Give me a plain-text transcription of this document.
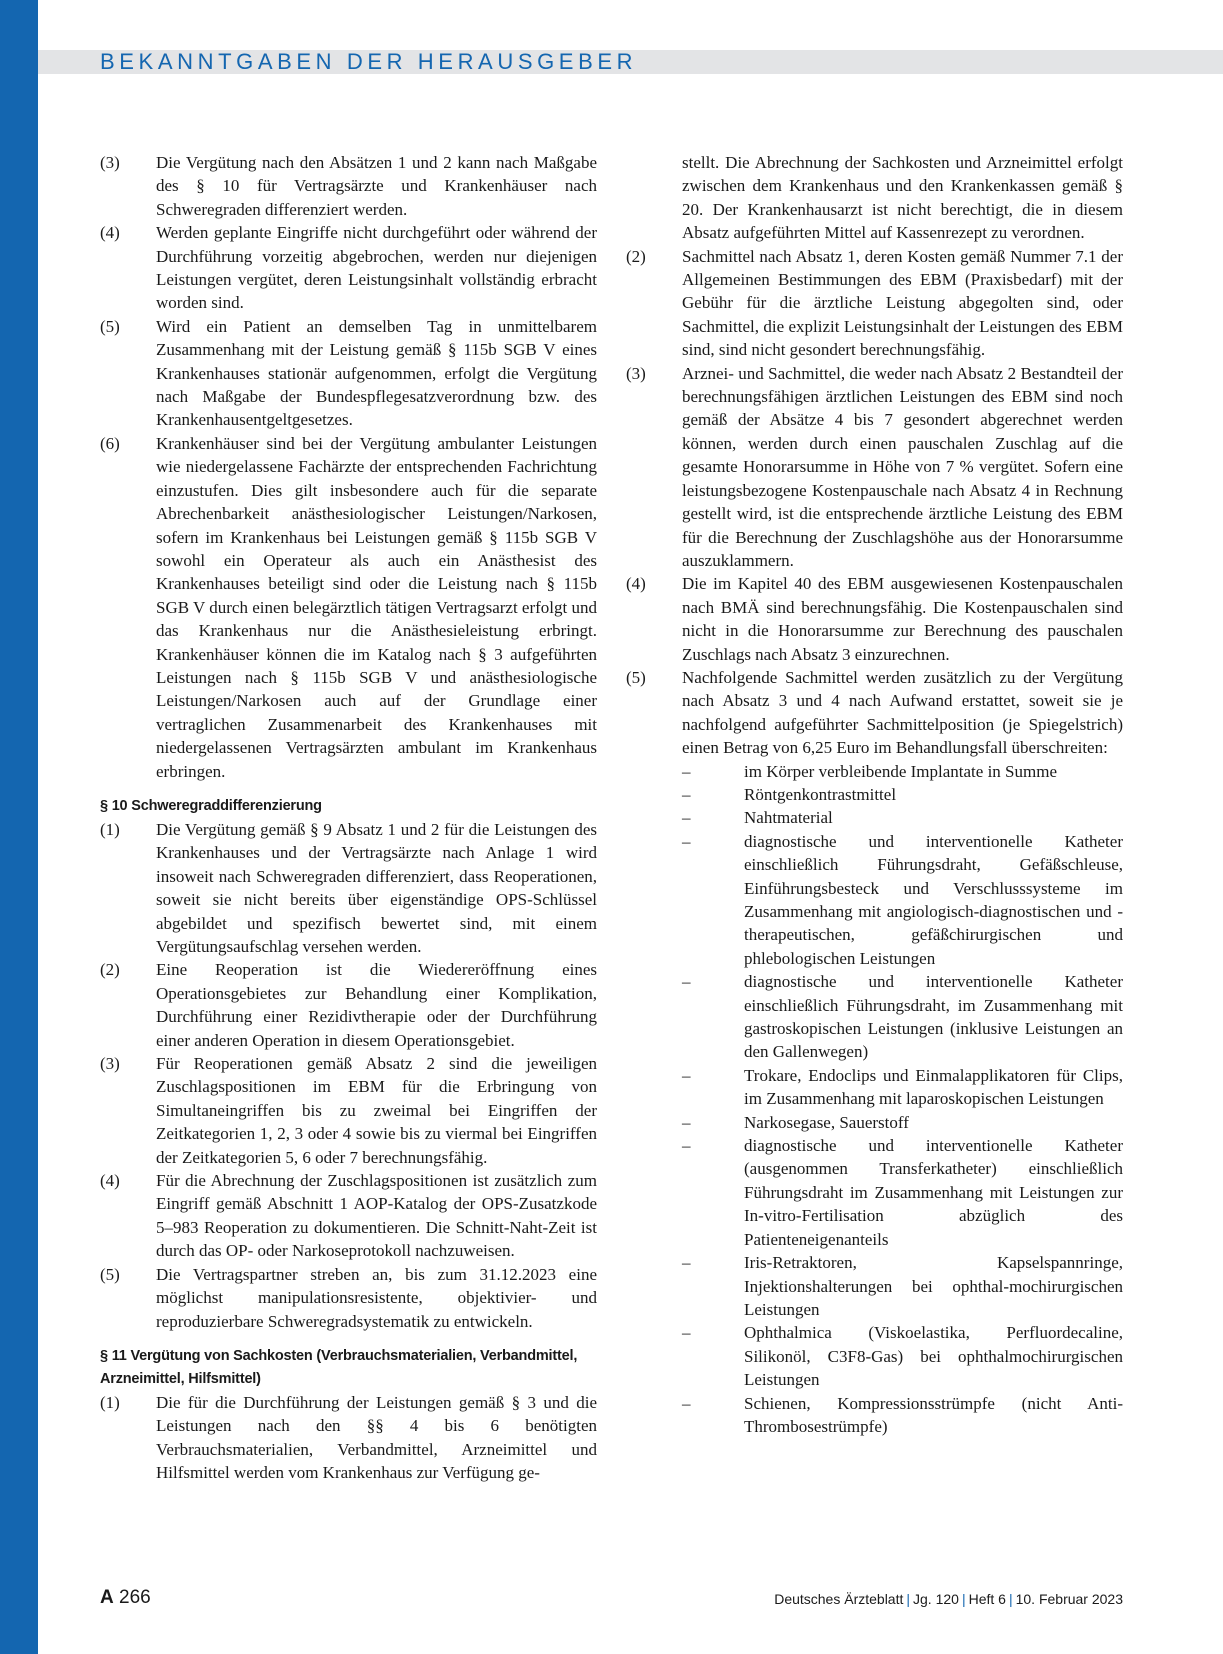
BEKANNTGABEN DER HERAUSGEBER
(3) Die Vergütung nach den Absätzen 1 und 2 kann nach Maßgabe des § 10 für Vertragsärzte und Krankenhäuser nach Schweregraden differenziert werden.
(4) Werden geplante Eingriffe nicht durchgeführt oder während der Durchführung vorzeitig abgebrochen, werden nur diejenigen Leistungen vergütet, deren Leistungsinhalt vollständig erbracht worden sind.
(5) Wird ein Patient an demselben Tag in unmittelbarem Zusammenhang mit der Leistung gemäß § 115b SGB V eines Krankenhauses stationär aufgenommen, erfolgt die Vergütung nach Maßgabe der Bundespflegesatzverordnung bzw. des Krankenhausentgeltgesetzes.
(6) Krankenhäuser sind bei der Vergütung ambulanter Leistungen wie niedergelassene Fachärzte der entsprechenden Fachrichtung einzustufen. Dies gilt insbesondere auch für die separate Abrechenbarkeit anästhesiologischer Leistungen/Narkosen, sofern im Krankenhaus bei Leistungen gemäß § 115b SGB V sowohl ein Operateur als auch ein Anästhesist des Krankenhauses beteiligt sind oder die Leistung nach § 115b SGB V durch einen belegärztlich tätigen Vertragsarzt erfolgt und das Krankenhaus nur die Anästhesieleistung erbringt. Krankenhäuser können die im Katalog nach § 3 aufgeführten Leistungen nach § 115b SGB V und anästhesiologische Leistungen/Narkosen auch auf der Grundlage einer vertraglichen Zusammenarbeit des Krankenhauses mit niedergelassenen Vertragsärzten ambulant im Krankenhaus erbringen.
§ 10 Schweregraddifferenzierung
(1) Die Vergütung gemäß § 9 Absatz 1 und 2 für die Leistungen des Krankenhauses und der Vertragsärzte nach Anlage 1 wird insoweit nach Schweregraden differenziert, dass Reoperationen, soweit sie nicht bereits über eigenständige OPS-Schlüssel abgebildet und spezifisch bewertet sind, mit einem Vergütungsaufschlag versehen werden.
(2) Eine Reoperation ist die Wiedereröffnung eines Operationsgebietes zur Behandlung einer Komplikation, Durchführung einer Rezidivtherapie oder der Durchführung einer anderen Operation in diesem Operationsgebiet.
(3) Für Reoperationen gemäß Absatz 2 sind die jeweiligen Zuschlagspositionen im EBM für die Erbringung von Simultaneingriffen bis zu zweimal bei Eingriffen der Zeitkategorien 1, 2, 3 oder 4 sowie bis zu viermal bei Eingriffen der Zeitkategorien 5, 6 oder 7 berechnungsfähig.
(4) Für die Abrechnung der Zuschlagspositionen ist zusätzlich zum Eingriff gemäß Abschnitt 1 AOP-Katalog der OPS-Zusatzkode 5–983 Reoperation zu dokumentieren. Die Schnitt-Naht-Zeit ist durch das OP- oder Narkoseprotokoll nachzuweisen.
(5) Die Vertragspartner streben an, bis zum 31.12.2023 eine möglichst manipulationsresistente, objektivier- und reproduzierbare Schweregradsystematik zu entwickeln.
§ 11 Vergütung von Sachkosten (Verbrauchsmaterialien, Verbandmittel, Arzneimittel, Hilfsmittel)
(1) Die für die Durchführung der Leistungen gemäß § 3 und die Leistungen nach den §§ 4 bis 6 benötigten Verbrauchsmaterialien, Verbandmittel, Arzneimittel und Hilfsmittel werden vom Krankenhaus zur Verfügung ge-
stellt. Die Abrechnung der Sachkosten und Arzneimittel erfolgt zwischen dem Krankenhaus und den Krankenkassen gemäß § 20. Der Krankenhausarzt ist nicht berechtigt, die in diesem Absatz aufgeführten Mittel auf Kassenrezept zu verordnen.
(2) Sachmittel nach Absatz 1, deren Kosten gemäß Nummer 7.1 der Allgemeinen Bestimmungen des EBM (Praxisbedarf) mit der Gebühr für die ärztliche Leistung abgegolten sind, oder Sachmittel, die explizit Leistungsinhalt der Leistungen des EBM sind, sind nicht gesondert berechnungsfähig.
(3) Arznei- und Sachmittel, die weder nach Absatz 2 Bestandteil der berechnungsfähigen ärztlichen Leistungen des EBM sind noch gemäß der Absätze 4 bis 7 gesondert abgerechnet werden können, werden durch einen pauschalen Zuschlag auf die gesamte Honorarsumme in Höhe von 7 % vergütet. Sofern eine leistungsbezogene Kostenpauschale nach Absatz 4 in Rechnung gestellt wird, ist die entsprechende ärztliche Leistung des EBM für die Berechnung der Zuschlagshöhe aus der Honorarsumme auszuklammern.
(4) Die im Kapitel 40 des EBM ausgewiesenen Kostenpauschalen nach BMÄ sind berechnungsfähig. Die Kostenpauschalen sind nicht in die Honorarsumme zur Berechnung des pauschalen Zuschlags nach Absatz 3 einzurechnen.
(5) Nachfolgende Sachmittel werden zusätzlich zu der Vergütung nach Absatz 3 und 4 nach Aufwand erstattet, soweit sie je nachfolgend aufgeführter Sachmittelposition (je Spiegelstrich) einen Betrag von 6,25 Euro im Behandlungsfall überschreiten:
–	im Körper verbleibende Implantate in Summe
–	Röntgenkontrastmittel
–	Nahtmaterial
–	diagnostische und interventionelle Katheter einschließlich Führungsdraht, Gefäßschleuse, Einführungsbesteck und Verschlusssysteme im Zusammenhang mit angiologisch-diagnostischen und -therapeutischen, gefäßchirurgischen und phlebologischen Leistungen
–	diagnostische und interventionelle Katheter einschließlich Führungsdraht, im Zusammenhang mit gastroskopischen Leistungen (inklusive Leistungen an den Gallenwegen)
–	Trokare, Endoclips und Einmalapplikatoren für Clips, im Zusammenhang mit laparoskopischen Leistungen
–	Narkosegase, Sauerstoff
–	diagnostische und interventionelle Katheter (ausgenommen Transferkatheter) einschließlich Führungsdraht im Zusammenhang mit Leistungen zur In-vitro-Fertilisation abzüglich des Patienteneigenanteils
–	Iris-Retraktoren, Kapselspannringe, Injektionshalterungen bei ophthal-mochirurgischen Leistungen
–	Ophthalmica (Viskoelastika, Perfluordecaline, Silikonöl, C3F8-Gas) bei ophthalmochirurgischen Leistungen
–	Schienen, Kompressionsstrümpfe (nicht Anti-Thrombosestrümpfe)
A 266	Deutsches Ärzteblatt | Jg. 120 | Heft 6 | 10. Februar 2023
